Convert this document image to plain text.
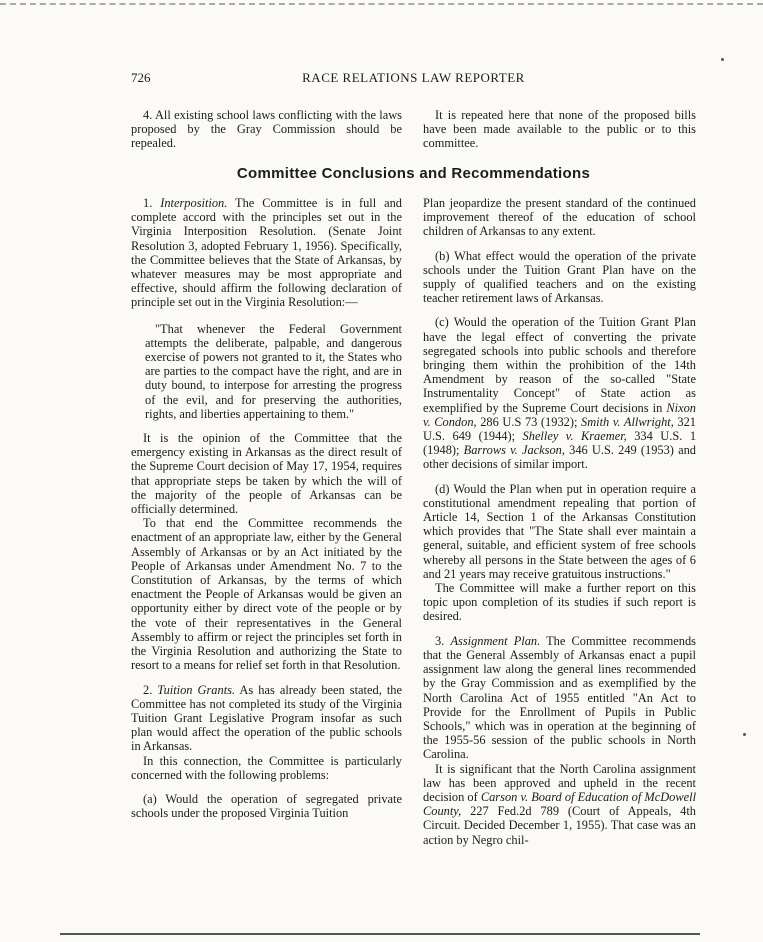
726	RACE RELATIONS LAW REPORTER

4. All existing school laws conflicting with the laws proposed by the Gray Commission should be repealed.

It is repeated here that none of the proposed bills have been made available to the public or to this committee.

Committee Conclusions and Recommendations

1. Interposition. The Committee is in full and complete accord with the principles set out in the Virginia Interposition Resolution. (Senate Joint Resolution 3, adopted February 1, 1956). Specifically, the Committee believes that the State of Arkansas, by whatever measures may be most appropriate and effective, should affirm the following declaration of principle set out in the Virginia Resolution:—

"That whenever the Federal Government attempts the deliberate, palpable, and dangerous exercise of powers not granted to it, the States who are parties to the compact have the right, and are in duty bound, to interpose for arresting the progress of the evil, and for preserving the authorities, rights, and liberties appertaining to them."

It is the opinion of the Committee that the emergency existing in Arkansas as the direct result of the Supreme Court decision of May 17, 1954, requires that appropriate steps be taken by which the will of the majority of the people of Arkansas can be officially determined.

To that end the Committee recommends the enactment of an appropriate law, either by the General Assembly of Arkansas or by an Act initiated by the People of Arkansas under Amendment No. 7 to the Constitution of Arkansas, by the terms of which enactment the People of Arkansas would be given an opportunity either by direct vote of the people or by the vote of their representatives in the General Assembly to affirm or reject the principles set forth in the Virginia Resolution and authorizing the State to resort to a means for relief set forth in that Resolution.

2. Tuition Grants. As has already been stated, the Committee has not completed its study of the Virginia Tuition Grant Legislative Program insofar as such plan would affect the operation of the public schools in Arkansas.

In this connection, the Committee is particularly concerned with the following problems:

(a) Would the operation of segregated private schools under the proposed Virginia Tuition

Plan jeopardize the present standard of the continued improvement thereof of the education of school children of Arkansas to any extent.

(b) What effect would the operation of the private schools under the Tuition Grant Plan have on the supply of qualified teachers and on the existing teacher retirement laws of Arkansas.

(c) Would the operation of the Tuition Grant Plan have the legal effect of converting the private segregated schools into public schools and therefore bringing them within the prohibition of the 14th Amendment by reason of the so-called "State Instrumentality Concept" of State action as exemplified by the Supreme Court decisions in Nixon v. Condon, 286 U.S 73 (1932); Smith v. Allwright, 321 U.S. 649 (1944); Shelley v. Kraemer, 334 U.S. 1 (1948); Barrows v. Jackson, 346 U.S. 249 (1953) and other decisions of similar import.

(d) Would the Plan when put in operation require a constitutional amendment repealing that portion of Article 14, Section 1 of the Arkansas Constitution which provides that "The State shall ever maintain a general, suitable, and efficient system of free schools whereby all persons in the State between the ages of 6 and 21 years may receive gratuitous instructions."

The Committee will make a further report on this topic upon completion of its studies if such report is desired.

3. Assignment Plan. The Committee recommends that the General Assembly of Arkansas enact a pupil assignment law along the general lines recommended by the Gray Commission and as exemplified by the North Carolina Act of 1955 entitled "An Act to Provide for the Enrollment of Pupils in Public Schools," which was in operation at the beginning of the 1955-56 session of the public schools in North Carolina.

It is significant that the North Carolina assignment law has been approved and upheld in the recent decision of Carson v. Board of Education of McDowell County, 227 Fed.2d 789 (Court of Appeals, 4th Circuit. Decided December 1, 1955). That case was an action by Negro chil-
